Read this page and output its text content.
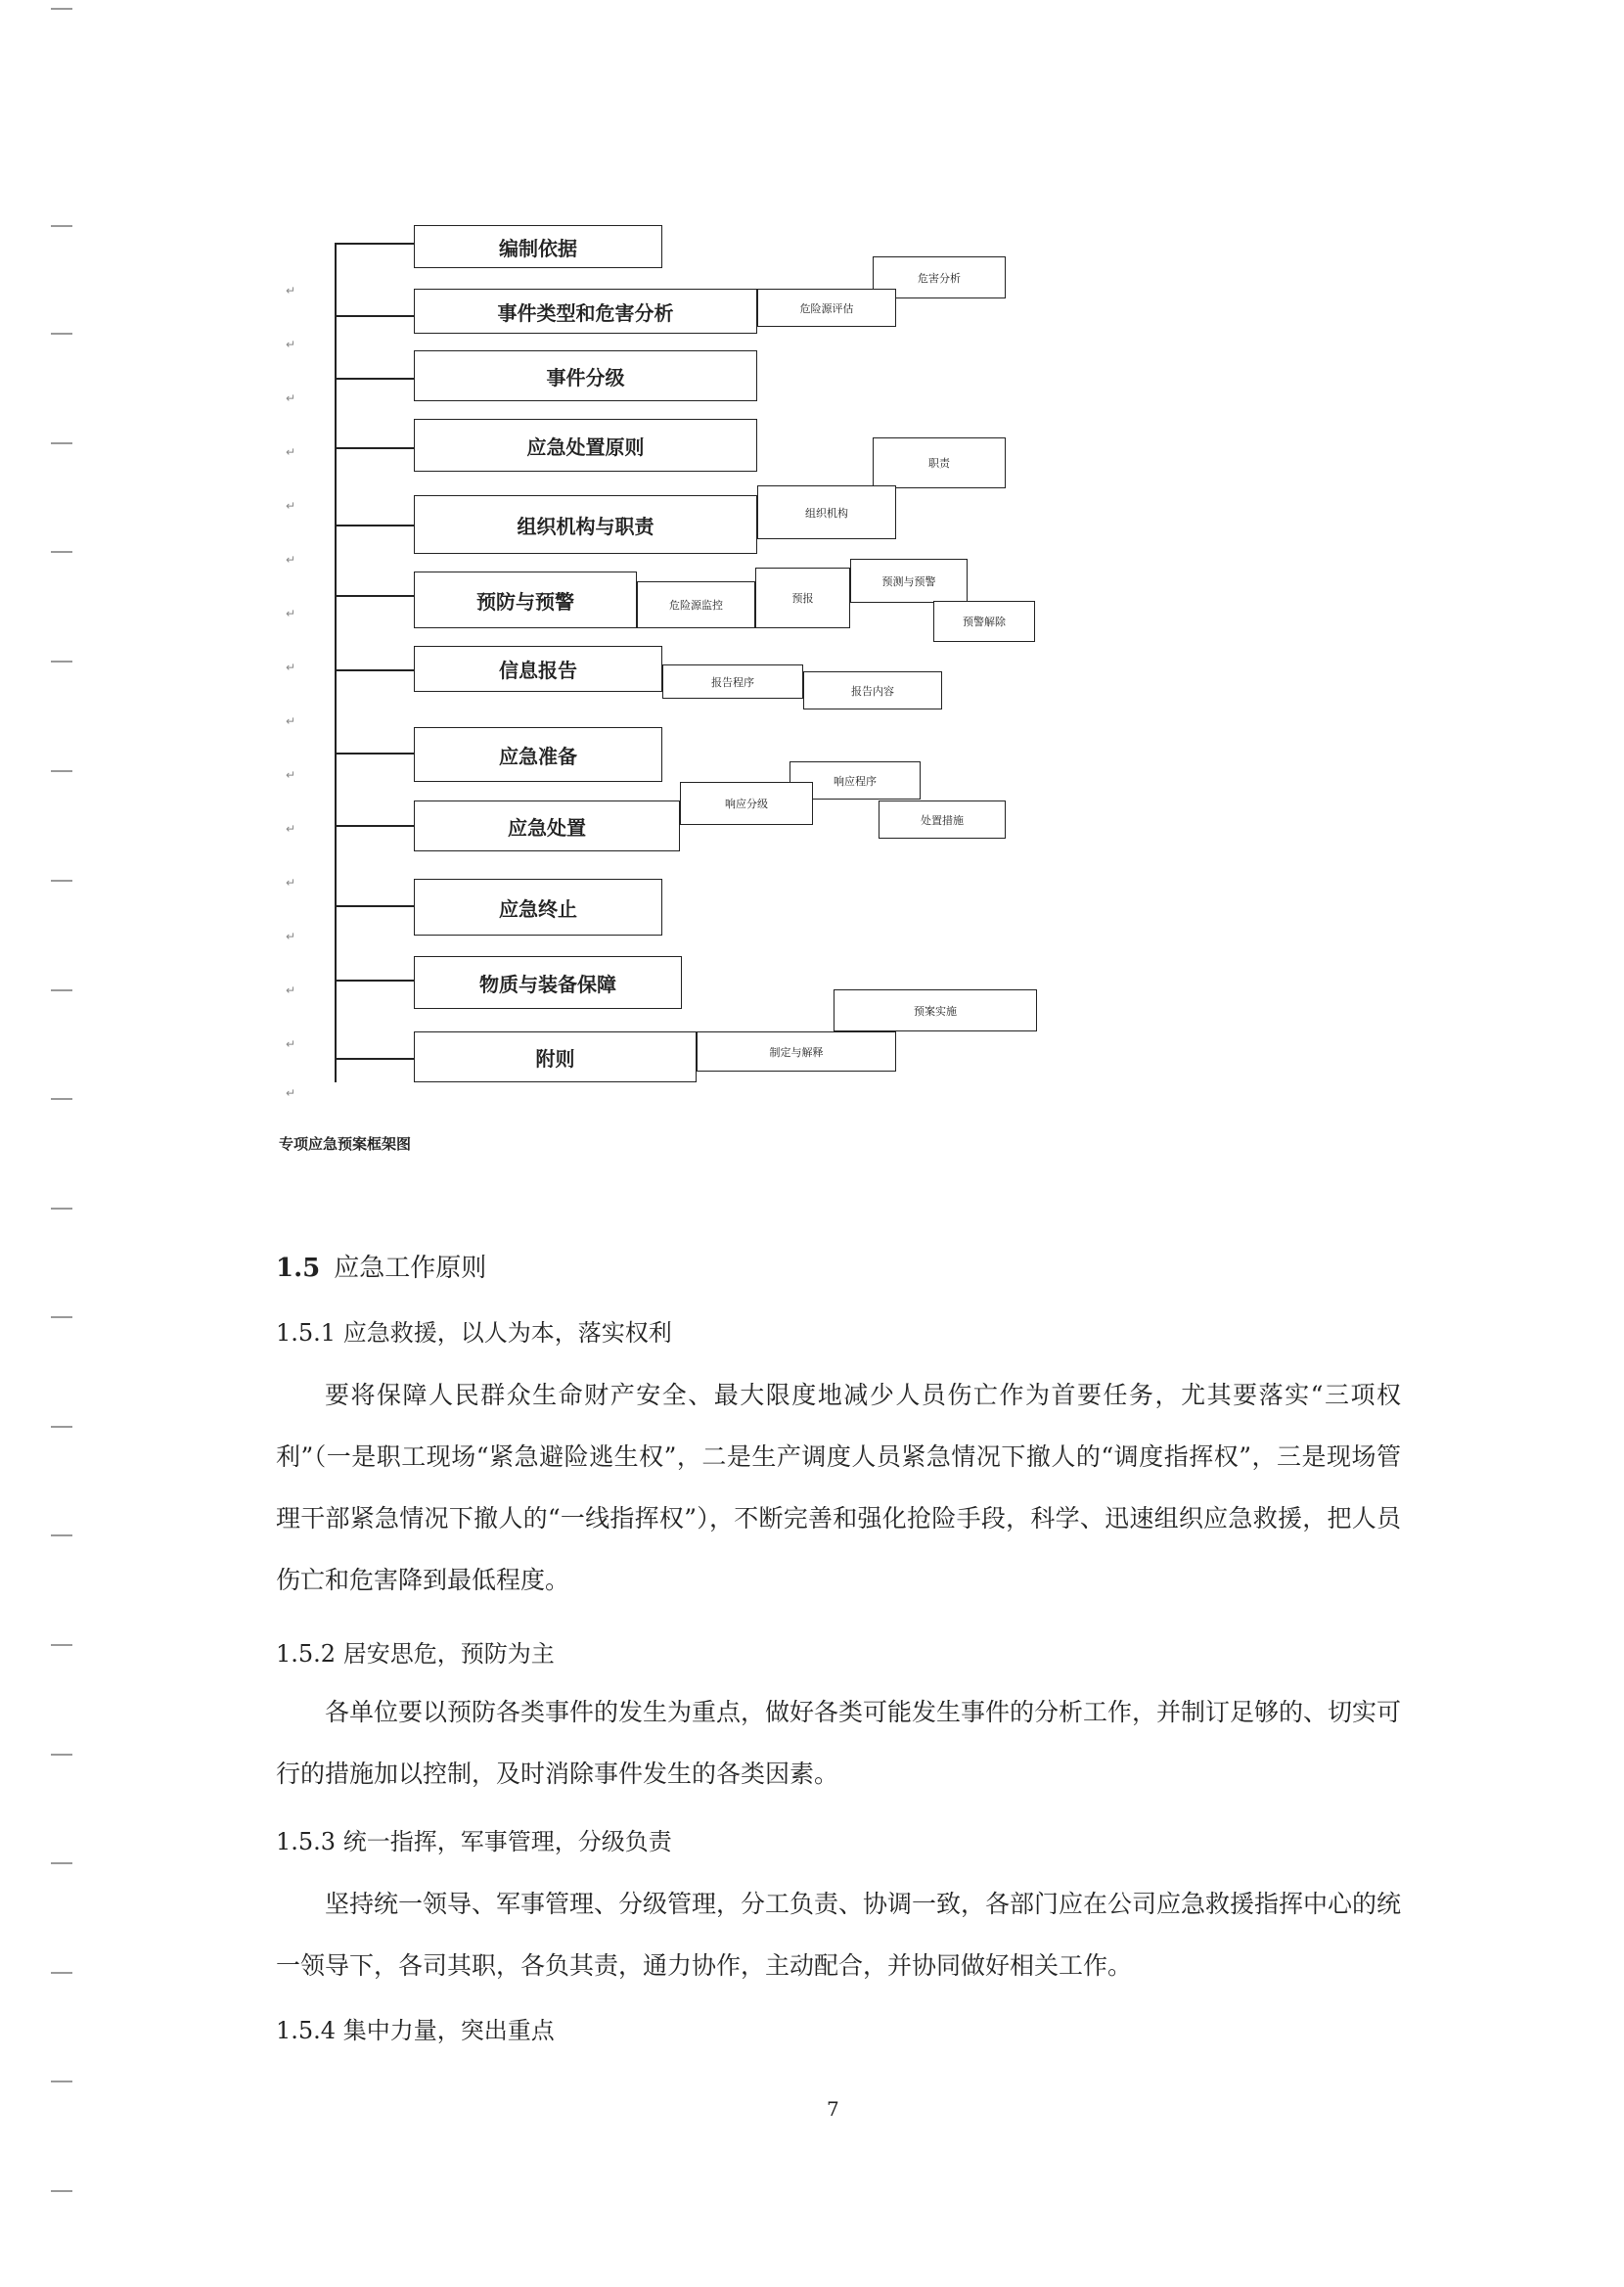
↵
↵
↵
↵
↵
↵
↵
↵
↵
↵
↵
↵
↵
↵
↵
↵
编制依据
事件类型和危害分析
事件分级
应急处置原则
组织机构与职责
预防与预警
信息报告
应急准备
应急处置
应急终止
物质与装备保障
附则
危害分析
危险源评估
职责
组织机构
危险源监控
预报
预测与预警
预警解除
报告程序
报告内容
响应程序
响应分级
处置措施
预案实施
制定与解释
专项应急预案框架图
1.5 应急工作原则
1.5.1 应急救援，以人为本，落实权利
要将保障人民群众生命财产安全、最大限度地减少人员伤亡作为首要任务，尤其要落实“三项权利”（一是职工现场“紧急避险逃生权”，二是生产调度人员紧急情况下撤人的“调度指挥权”，三是现场管理干部紧急情况下撤人的“一线指挥权”），不断完善和强化抢险手段，科学、迅速组织应急救援，把人员伤亡和危害降到最低程度。
1.5.2 居安思危，预防为主
各单位要以预防各类事件的发生为重点，做好各类可能发生事件的分析工作，并制订足够的、切实可行的措施加以控制，及时消除事件发生的各类因素。
1.5.3 统一指挥，军事管理，分级负责
坚持统一领导、军事管理、分级管理，分工负责、协调一致，各部门应在公司应急救援指挥中心的统一领导下，各司其职，各负其责，通力协作，主动配合，并协同做好相关工作。
1.5.4 集中力量，突出重点
7
